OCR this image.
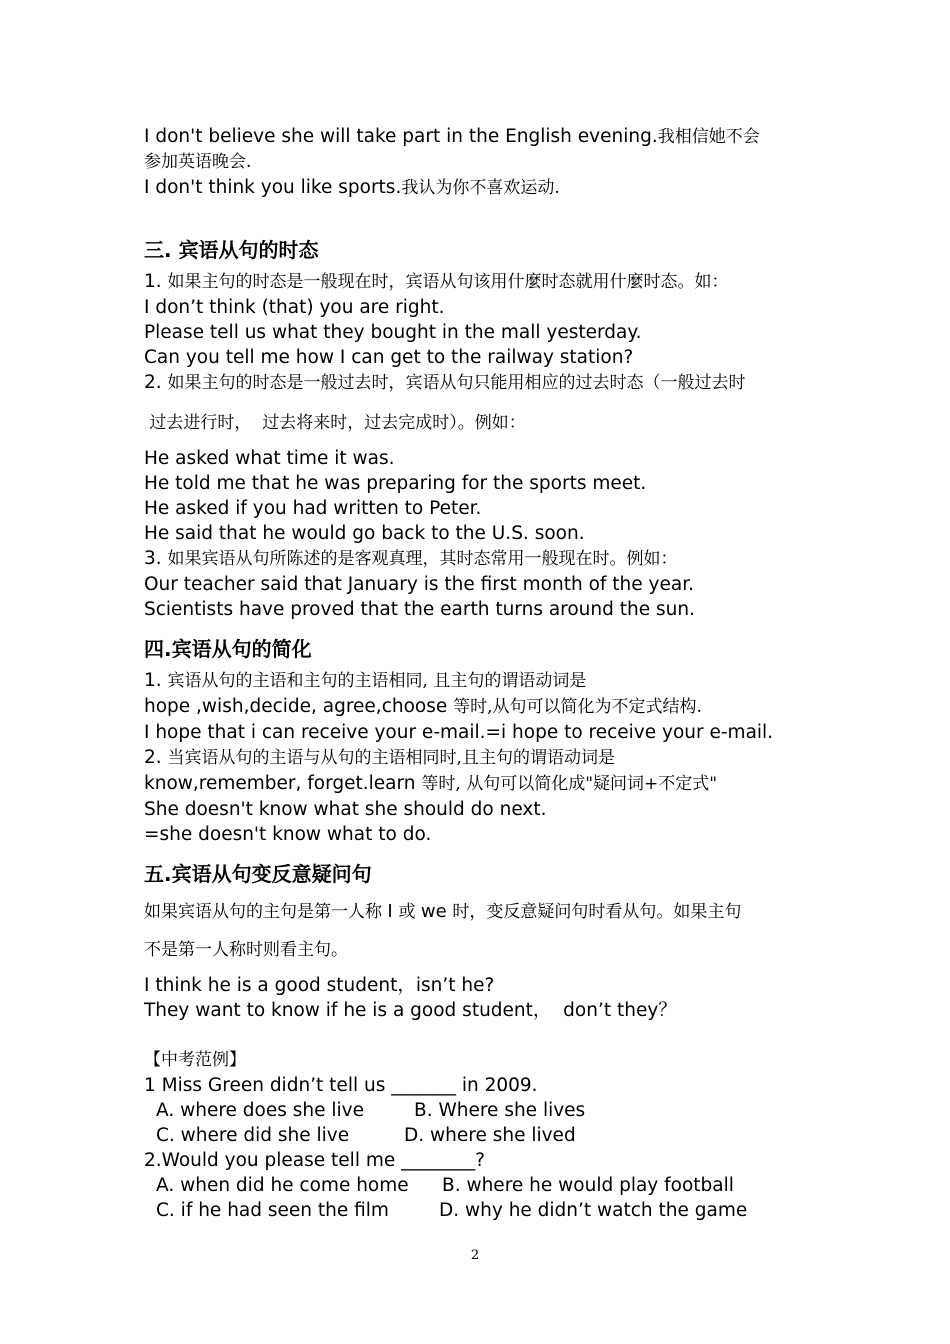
I don't believe she will take part in the English evening.我相信她不会

参加英语晚会.

I don't think you like sports.我认为你不喜欢运动.

三. 宾语从句的时态

1. 如果主句的时态是一般现在时，宾语从句该用什麼时态就用什麼时态。如：

I don’t think (that) you are right.

Please tell us what they bought in the mall yesterday.

Can you tell me how I can get to the railway station?

2. 如果主句的时态是一般过去时，宾语从句只能用相应的过去时态（一般过去时

过去进行时，  过去将来时，过去完成时）。例如：

He asked what time it was.

He told me that he was preparing for the sports meet.

He asked if you had written to Peter.

He said that he would go back to the U.S. soon.

3. 如果宾语从句所陈述的是客观真理，其时态常用一般现在时。例如：

Our teacher said that January is the first month of the year.

Scientists have proved that the earth turns around the sun.

四.宾语从句的简化

1. 宾语从句的主语和主句的主语相同, 且主句的谓语动词是

hope ,wish,decide, agree,choose 等时,从句可以简化为不定式结构.

I hope that i can receive your e-mail.=i hope to receive your e-mail.

2. 当宾语从句的主语与从句的主语相同时,且主句的谓语动词是

know,remember, forget.learn 等时, 从句可以简化成"疑问词+不定式"

She doesn't know what she should do next.

=she doesn't know what to do.

五.宾语从句变反意疑问句

如果宾语从句的主句是第一人称 I 或 we 时，变反意疑问句时看从句。如果主句

不是第一人称时则看主句。

I think he is a good student，isn’t he?

They want to know if he is a good student，  don’t they？

【中考范例】

1 Miss Green didn’t tell us _______ in 2009.

A. where does she live	B. Where she lives

C. where did she live	D. where she lived

2.Would you please tell me ________?

A. when did he come home B. where he would play football

C. if he had seen the film	D. why he didn’t watch the game

2
